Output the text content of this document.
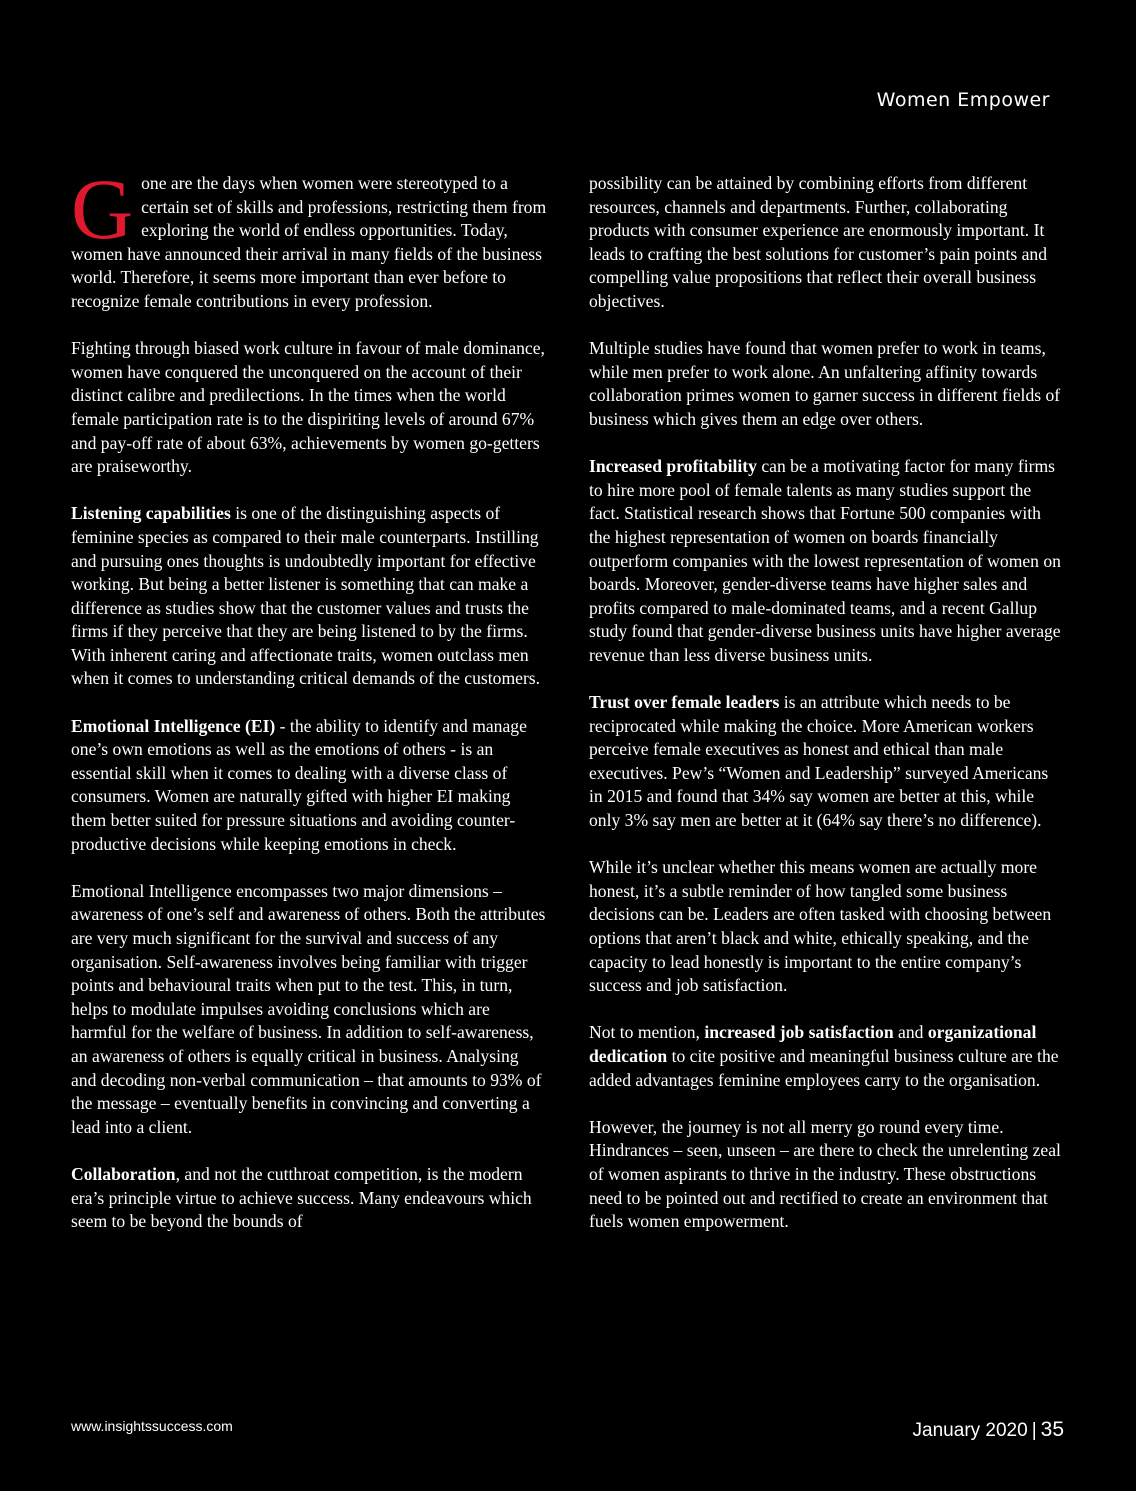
Women Empower

Gone are the days when women were stereotyped to a certain set of skills and professions, restricting them from exploring the world of endless opportunities. Today, women have announced their arrival in many fields of the business world. Therefore, it seems more important than ever before to recognize female contributions in every profession.

Fighting through biased work culture in favour of male dominance, women have conquered the unconquered on the account of their distinct calibre and predilections. In the times when the world female participation rate is to the dispiriting levels of around 67% and pay-off rate of about 63%, achievements by women go-getters are praiseworthy.

Listening capabilities is one of the distinguishing aspects of feminine species as compared to their male counterparts. Instilling and pursuing ones thoughts is undoubtedly important for effective working. But being a better listener is something that can make a difference as studies show that the customer values and trusts the firms if they perceive that they are being listened to by the firms. With inherent caring and affectionate traits, women outclass men when it comes to understanding critical demands of the customers.

Emotional Intelligence (EI) - the ability to identify and manage one’s own emotions as well as the emotions of others - is an essential skill when it comes to dealing with a diverse class of consumers. Women are naturally gifted with higher EI making them better suited for pressure situations and avoiding counter-productive decisions while keeping emotions in check.

Emotional Intelligence encompasses two major dimensions – awareness of one’s self and awareness of others. Both the attributes are very much significant for the survival and success of any organisation. Self-awareness involves being familiar with trigger points and behavioural traits when put to the test. This, in turn, helps to modulate impulses avoiding conclusions which are harmful for the welfare of business. In addition to self-awareness, an awareness of others is equally critical in business. Analysing and decoding non-verbal communication – that amounts to 93% of the message – eventually benefits in convincing and converting a lead into a client.

Collaboration, and not the cutthroat competition, is the modern era’s principle virtue to achieve success. Many endeavours which seem to be beyond the bounds of

possibility can be attained by combining efforts from different resources, channels and departments. Further, collaborating products with consumer experience are enormously important. It leads to crafting the best solutions for customer’s pain points and compelling value propositions that reflect their overall business objectives.

Multiple studies have found that women prefer to work in teams, while men prefer to work alone. An unfaltering affinity towards collaboration primes women to garner success in different fields of business which gives them an edge over others.

Increased profitability can be a motivating factor for many firms to hire more pool of female talents as many studies support the fact. Statistical research shows that Fortune 500 companies with the highest representation of women on boards financially outperform companies with the lowest representation of women on boards. Moreover, gender-diverse teams have higher sales and profits compared to male-dominated teams, and a recent Gallup study found that gender-diverse business units have higher average revenue than less diverse business units.

Trust over female leaders is an attribute which needs to be reciprocated while making the choice. More American workers perceive female executives as honest and ethical than male executives. Pew’s “Women and Leadership” surveyed Americans in 2015 and found that 34% say women are better at this, while only 3% say men are better at it (64% say there’s no difference).

While it’s unclear whether this means women are actually more honest, it’s a subtle reminder of how tangled some business decisions can be. Leaders are often tasked with choosing between options that aren’t black and white, ethically speaking, and the capacity to lead honestly is important to the entire company’s success and job satisfaction.

Not to mention, increased job satisfaction and organizational dedication to cite positive and meaningful business culture are the added advantages feminine employees carry to the organisation.

However, the journey is not all merry go round every time. Hindrances – seen, unseen – are there to check the unrelenting zeal of women aspirants to thrive in the industry. These obstructions need to be pointed out and rectified to create an environment that fuels women empowerment.

www.insightssuccess.com	January 2020 | 35
